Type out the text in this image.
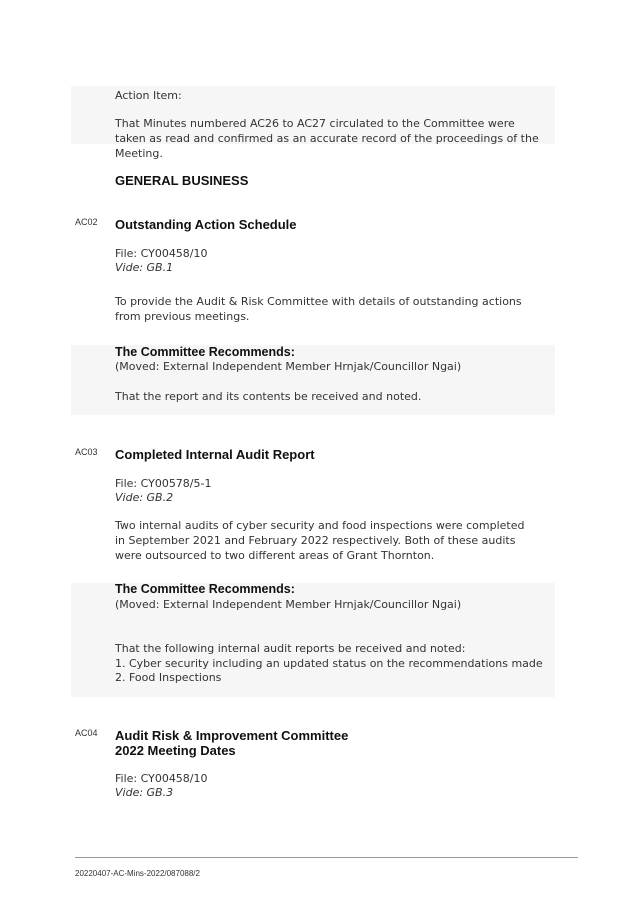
Action Item:
That Minutes numbered AC26 to AC27 circulated to the Committee were taken as read and confirmed as an accurate record of the proceedings of the Meeting.
GENERAL BUSINESS
AC02 Outstanding Action Schedule
File: CY00458/10
Vide: GB.1
To provide the Audit & Risk Committee with details of outstanding actions from previous meetings.
The Committee Recommends:
(Moved: External Independent Member Hrnjak/Councillor Ngai)
That the report and its contents be received and noted.
AC03 Completed Internal Audit Report
File: CY00578/5-1
Vide: GB.2
Two internal audits of cyber security and food inspections were completed in September 2021 and February 2022 respectively. Both of these audits were outsourced to two different areas of Grant Thornton.
The Committee Recommends:
(Moved: External Independent Member Hrnjak/Councillor Ngai)
That the following internal audit reports be received and noted:
1. Cyber security including an updated status on the recommendations made
2. Food Inspections
AC04 Audit Risk & Improvement Committee
2022 Meeting Dates
File: CY00458/10
Vide: GB.3
20220407-AC-Mins-2022/087088/2
